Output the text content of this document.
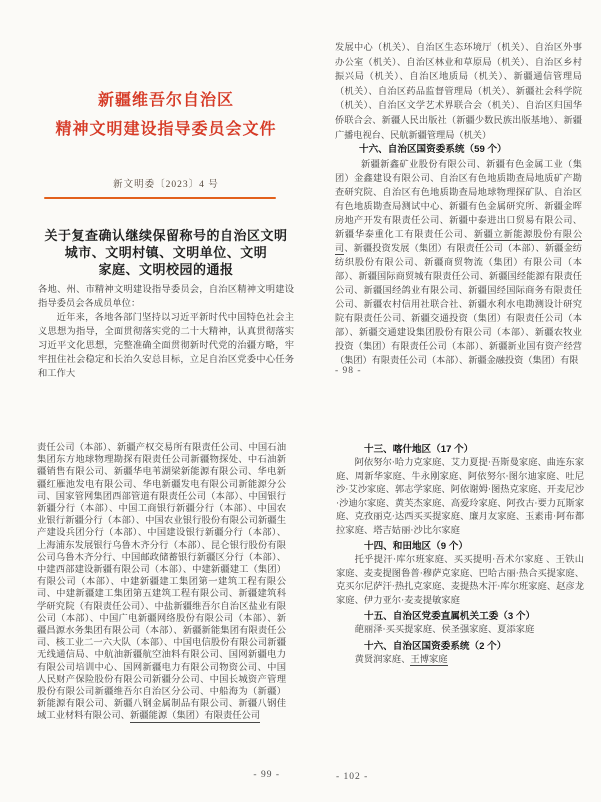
新疆维吾尔自治区
精神文明建设指导委员会文件
新文明委〔2023〕4 号
关于复查确认继续保留称号的自治区文明
城市、文明村镇、文明单位、文明
家庭、文明校园的通报

各地、州、市精神文明建设指导委员会，自治区精神文明建设指导委员会各成员单位：

近年来，各地各部门坚持以习近平新时代中国特色社会主义思想为指导，全面贯彻落实党的二十大精神，认真贯彻落实习近平文化思想，完整准确全面贯彻新时代党的治疆方略，牢牢扭住社会稳定和长治久安总目标，立足自治区党委中心任务和工作大

发展中心（机关）、自治区生态环境厅（机关）、自治区外事办公室（机关）、自治区林业和草原局（机关）、自治区乡村振兴局（机关）、自治区地质局（机关）、新疆通信管理局（机关）、自治区药品监督管理局（机关）、新疆社会科学院（机关）、自治区文学艺术界联合会（机关）、自治区归国华侨联合会、新疆人民出版社（新疆少数民族出版基地）、新疆广播电视台、民航新疆管理局（机关）

十六、自治区国资委系统（59 个）

新疆新鑫矿业股份有限公司、新疆有色金属工业（集团）金鑫建设有限公司、自治区有色地质勘查局地质矿产勘查研究院、自治区有色地质勘查局地球物理探矿队、自治区有色地质勘查局测试中心、新疆有色金属研究所、新疆金晖房地产开发有限责任公司、新疆中泰进出口贸易有限公司、新疆华泰重化工有限责任公司、新疆立新能源股份有限公司、新疆投资发展（集团）有限责任公司（本部）、新疆金纺纺织股份有限公司、新疆商贸物流（集团）有限公司（本部）、新疆国际商贸城有限责任公司、新疆国经能源有限责任公司、新疆国经鸽业有限公司、新疆国经国际商务有限责任公司、新疆农村信用社联合社、新疆水利水电勘测设计研究院有限责任公司、新疆交通投资（集团）有限责任公司（本部）、新疆交通建设集团股份有限公司（本部）、新疆农牧业投资（集团）有限责任公司（本部）、新疆新业国有资产经营（集团）有限责任公司（本部）、新疆金融投资（集团）有限

- 98 -

责任公司（本部）、新疆产权交易所有限责任公司、中国石油集团东方地球物理勘探有限责任公司新疆物探处、中石油新疆销售有限公司、新疆华电苇湖梁新能源有限公司、华电新疆红雁池发电有限公司、华电新疆发电有限公司新能源分公司、国家管网集团西部管道有限责任公司（本部）、中国银行新疆分行（本部）、中国工商银行新疆分行（本部）、中国农业银行新疆分行（本部）、中国农业银行股份有限公司新疆生产建设兵团分行（本部）、中国建设银行新疆分行（本部）、上海浦东发展银行乌鲁木齐分行（本部）、昆仑银行股份有限公司乌鲁木齐分行、中国邮政储蓄银行新疆区分行（本部）、中建西部建设新疆有限公司（本部）、中建新疆建工（集团）有限公司（本部）、中建新疆建工集团第一建筑工程有限公司、中建新疆建工集团第五建筑工程有限公司、新疆建筑科学研究院（有限责任公司）、中盐新疆维吾尔自治区盐业有限公司（本部）、中国广电新疆网络股份有限公司（本部）、新疆昌源水务集团有限公司（本部）、新疆新能集团有限责任公司、核工业二一六大队（本部）、中国电信股份有限公司新疆无线通信局、中航油新疆航空油料有限公司、国网新疆电力有限公司培训中心、国网新疆电力有限公司物资公司、中国人民财产保险股份有限公司新疆分公司、中国长城资产管理股份有限公司新疆维吾尔自治区分公司、中船海为（新疆）新能源有限公司、新疆八钢金属制品有限公司、新疆八钢佳域工业材料有限公司、新疆能源（集团）有限责任公司

- 99 -

十三、喀什地区（17 个）

阿依努尔·哈力克家庭、艾力夏提·吾斯曼家庭、曲连东家庭、周新华家庭、牛永刚家庭、阿依努尔·图尔迪家庭、吐尼沙·艾沙家庭、郭志学家庭、阿依谢姆·图热克家庭、开麦尼沙·沙迪尔家庭、黄芙杰家庭、高爱玲家庭、阿孜古·要力瓦斯家庭、克孜丽克·达西买买提家庭、廉月友家庭、玉素甫·阿布都拉家庭、塔吉姑丽·沙比尔家庭

十四、和田地区（9 个）

托乎提汗·库尔班家庭、买买提明·吾术尔家庭 、王铁山家庭、麦麦提图鲁普·穆萨克家庭、巴哈古丽·热合买提家庭、克买尔尼萨汗·热扎克家庭、麦提热木汗·库尔班家庭、赵彦龙家庭、伊力亚尔·麦麦提敏家庭

十五、自治区党委直属机关工委（3 个）

葩丽泽·买买提家庭、侯圣强家庭、夏添家庭

十六、自治区国资委系统（2 个）

黄贤润家庭、王博家庭

- 102 -
